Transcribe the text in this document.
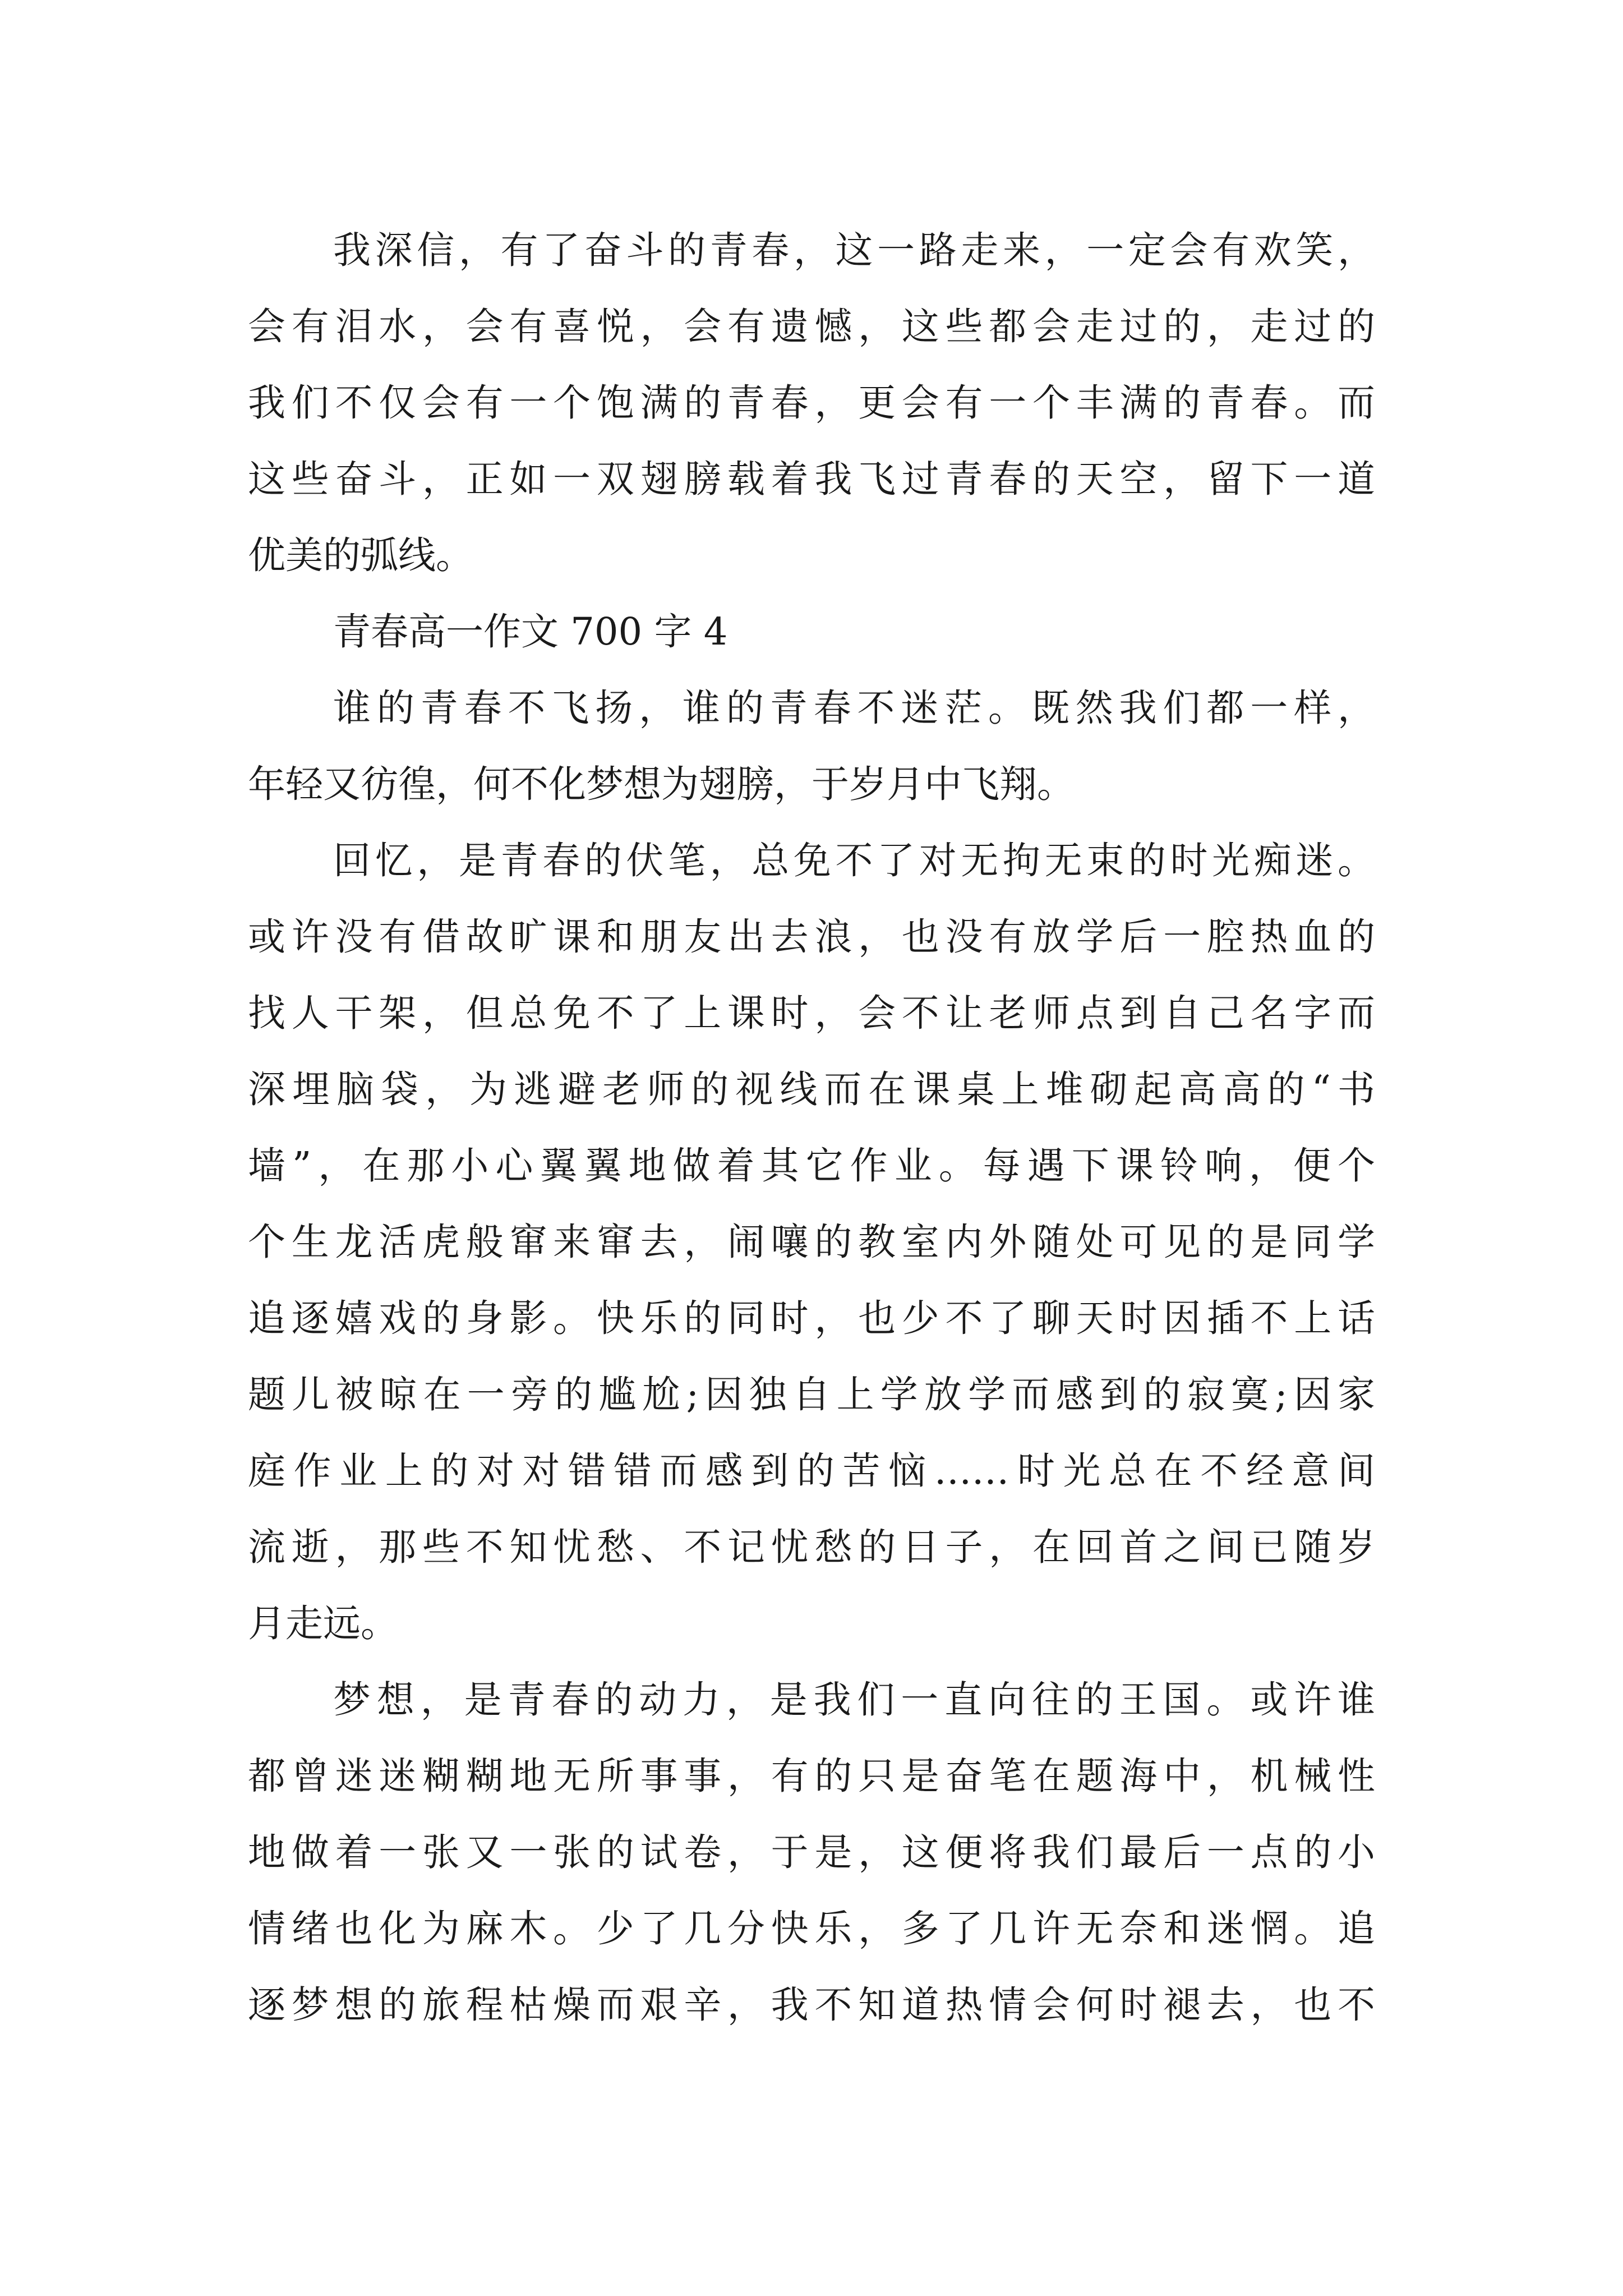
我深信，有了奋斗的青春，这一路走来，一定会有欢笑，
会有泪水，会有喜悦，会有遗憾，这些都会走过的，走过的
我们不仅会有一个饱满的青春，更会有一个丰满的青春。而
这些奋斗，正如一双翅膀载着我飞过青春的天空，留下一道
优美的弧线。
青春高一作文 700 字 4
谁的青春不飞扬，谁的青春不迷茫。既然我们都一样，
年轻又彷徨，何不化梦想为翅膀，于岁月中飞翔。
回忆，是青春的伏笔，总免不了对无拘无束的时光痴迷。
或许没有借故旷课和朋友出去浪，也没有放学后一腔热血的
找人干架，但总免不了上课时，会不让老师点到自己名字而
深埋脑袋，为逃避老师的视线而在课桌上堆砌起高高的“书
墙”，在那小心翼翼地做着其它作业。每遇下课铃响，便个
个生龙活虎般窜来窜去，闹嚷的教室内外随处可见的是同学
追逐嬉戏的身影。快乐的同时，也少不了聊天时因插不上话
题儿被晾在一旁的尴尬;因独自上学放学而感到的寂寞;因家
庭作业上的对对错错而感到的苦恼……时光总在不经意间
流逝，那些不知忧愁、不记忧愁的日子，在回首之间已随岁
月走远。
梦想，是青春的动力，是我们一直向往的王国。或许谁
都曾迷迷糊糊地无所事事，有的只是奋笔在题海中，机械性
地做着一张又一张的试卷，于是，这便将我们最后一点的小
情绪也化为麻木。少了几分快乐，多了几许无奈和迷惘。追
逐梦想的旅程枯燥而艰辛，我不知道热情会何时褪去，也不
